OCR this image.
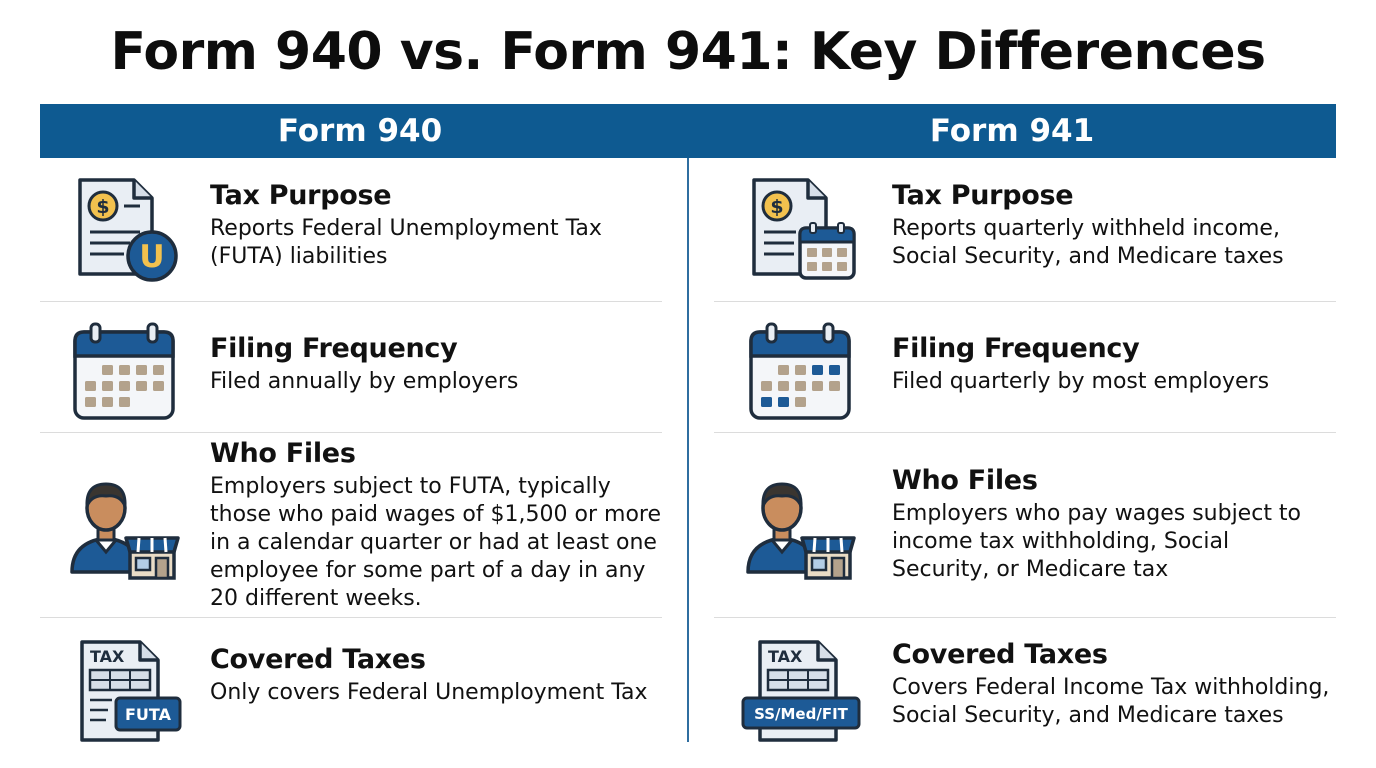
Form 940 vs. Form 941: Key Differences
Form 940	Form 941
$
U
Tax Purpose
Reports Federal Unemployment Tax (FUTA) liabilities
Filing Frequency
Filed annually by employers
Who Files
Employers subject to FUTA, typically those who paid wages of $1,500 or more in a calendar quarter or had at least one employee for some part of a day in any 20 different weeks.
TAX
FUTA
Covered Taxes
Only covers Federal Unemployment Tax
$	Tax Purpose
Reports quarterly withheld income, Social Security, and Medicare taxes
Filing Frequency
Filed quarterly by most employers
Who Files
Employers who pay wages subject to income tax withholding, Social Security, or Medicare tax
TAX
SS/Med/FIT
Covered Taxes
Covers Federal Income Tax withholding, Social Security, and Medicare taxes
